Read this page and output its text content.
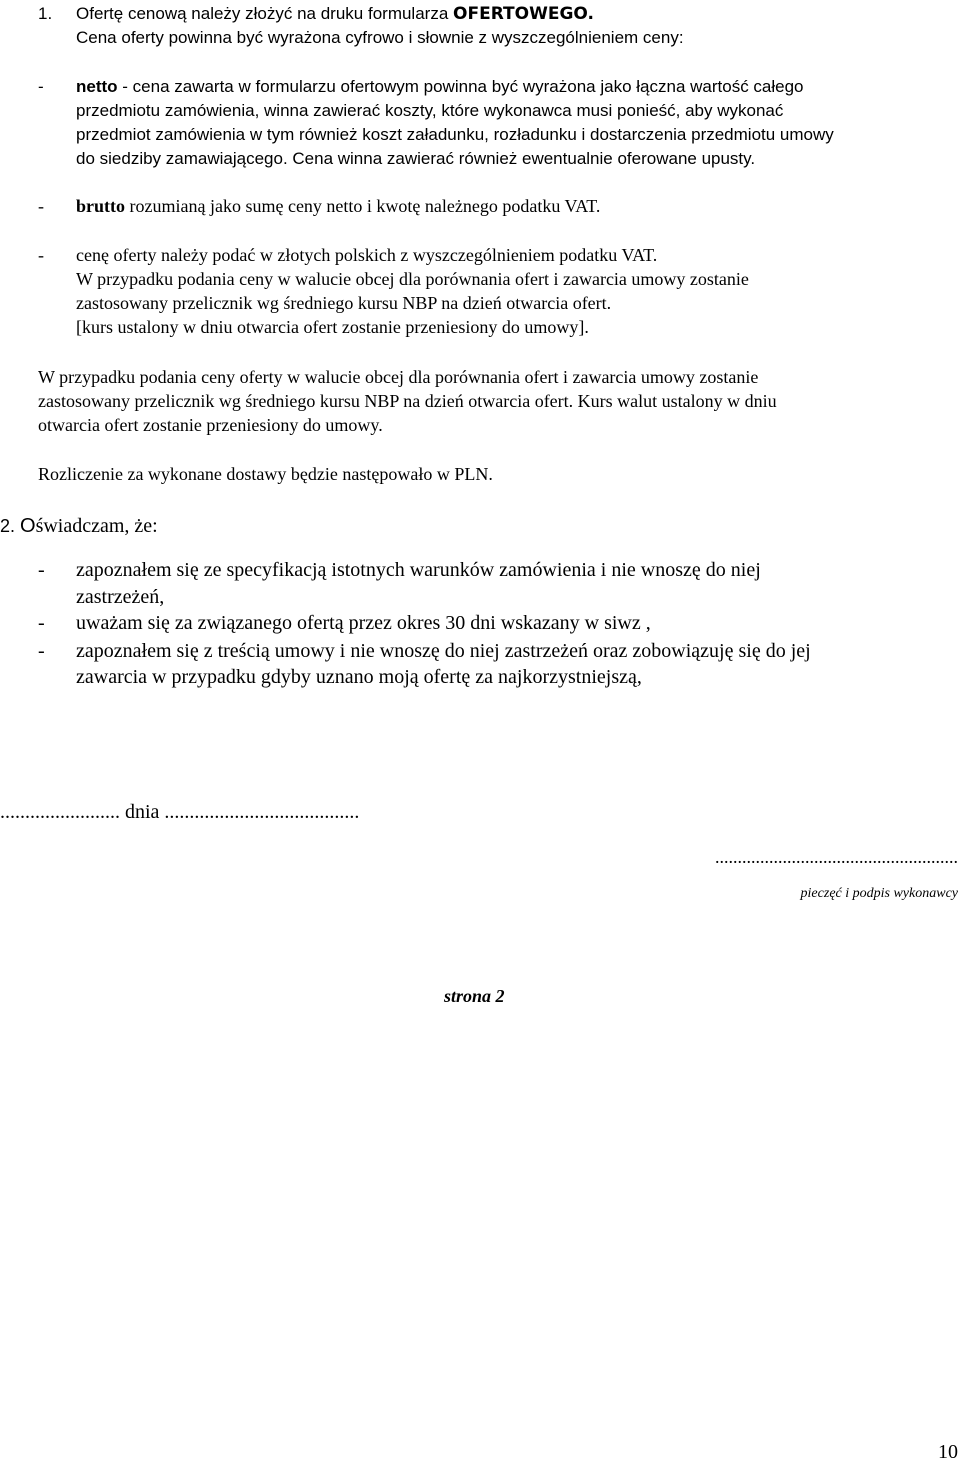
1. Ofertę cenową należy złożyć na druku formularza OFERTOWEGO.
Cena oferty powinna być wyrażona cyfrowo i słownie z wyszczególnieniem ceny:
- netto - cena zawarta w formularzu ofertowym powinna być wyrażona jako łączna wartość całego
przedmiotu zamówienia, winna zawierać koszty, które wykonawca musi ponieść, aby wykonać
przedmiot zamówienia w tym również koszt załadunku, rozładunku i dostarczenia przedmiotu umowy
do siedziby zamawiającego. Cena winna zawierać również ewentualnie oferowane upusty.
- brutto rozumianą jako sumę ceny netto i kwotę należnego podatku VAT.
- cenę oferty należy podać w złotych polskich z wyszczególnieniem podatku VAT.
W przypadku podania ceny w walucie obcej dla porównania ofert i zawarcia umowy zostanie
zastosowany przelicznik wg średniego kursu NBP na dzień otwarcia ofert.
[kurs ustalony w dniu otwarcia ofert zostanie przeniesiony do umowy].
W przypadku podania ceny oferty w walucie obcej dla porównania ofert i zawarcia umowy zostanie
zastosowany przelicznik wg średniego kursu NBP na dzień otwarcia ofert. Kurs walut ustalony w dniu
otwarcia ofert zostanie przeniesiony do umowy.
Rozliczenie za wykonane dostawy będzie następowało w PLN.
2. Oświadczam, że:
- zapoznałem się ze specyfikacją istotnych warunków zamówienia i nie wnoszę do niej
zastrzeżeń,
- uważam się za związanego ofertą przez okres 30 dni wskazany w siwz ,
- zapoznałem się z treścią umowy i nie wnoszę do niej zastrzeżeń oraz zobowiązuję się do jej
zawarcia w przypadku gdyby uznano moją ofertę za najkorzystniejszą,
........................ dnia .......................................
......................................................
pieczęć i podpis wykonawcy
strona 2
10
